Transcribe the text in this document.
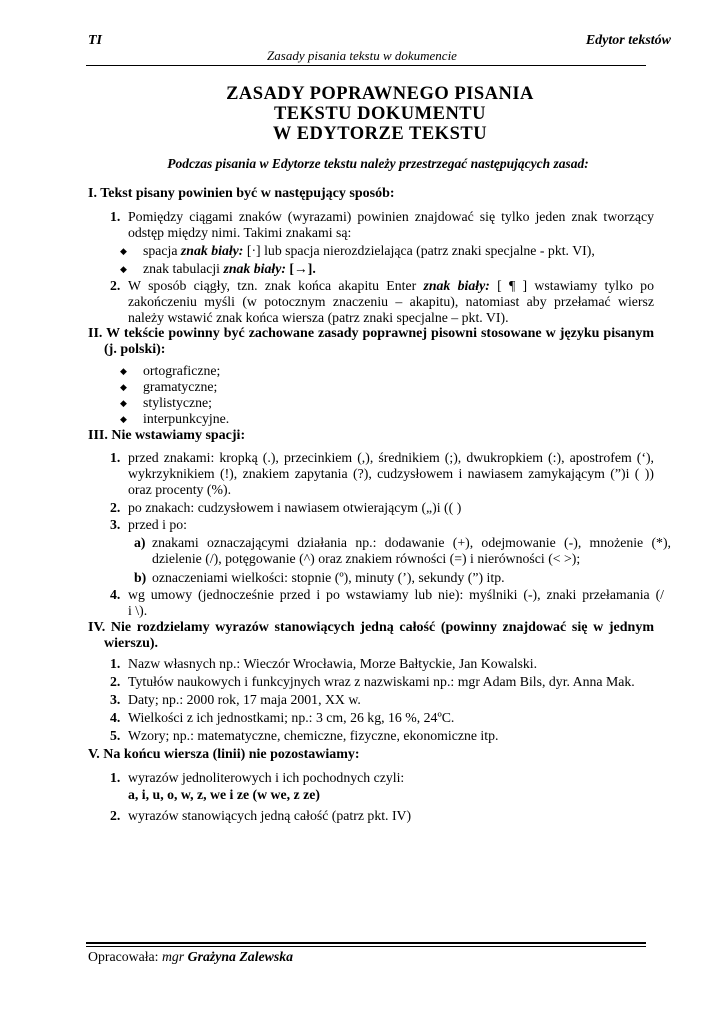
TI	Edytor tekstów
Zasady pisania tekstu w dokumencie
ZASADY POPRAWNEGO PISANIA
TEKSTU DOKUMENTU
W EDYTORZE TEKSTU
Podczas pisania w Edytorze tekstu należy przestrzegać następujących zasad:
I. Tekst pisany powinien być w następujący sposób:
1. Pomiędzy ciągami znaków (wyrazami) powinien znajdować się tylko jeden znak tworzący
odstęp między nimi. Takimi znakami są:
◆ spacja znak biały: [·] lub spacja nierozdzielająca (patrz znaki specjalne - pkt. VI),
◆ znak tabulacji znak biały: [→].
2. W sposób ciągły, tzn. znak końca akapitu Enter znak biały: [ ¶ ] wstawiamy tylko po
zakończeniu myśli (w potocznym znaczeniu – akapitu), natomiast aby przełamać wiersz
należy wstawić znak końca wiersza (patrz znaki specjalne – pkt. VI).
II. W tekście powinny być zachowane zasady poprawnej pisowni stosowane w języku pisanym
(j. polski):
◆ ortograficzne;
◆ gramatyczne;
◆ stylistyczne;
◆ interpunkcyjne.
III. Nie wstawiamy spacji:
1. przed znakami: kropką (.), przecinkiem (,), średnikiem (;), dwukropkiem (:), apostrofem (‘),
wykrzyknikiem (!), znakiem zapytania (?), cudzysłowem i nawiasem zamykającym (”)i ( ))
oraz procenty (%).
2. po znakach: cudzysłowem i nawiasem otwierającym („)i (( )
3. przed i po:
a) znakami oznaczającymi działania np.: dodawanie (+), odejmowanie (-), mnożenie (*),
dzielenie (/), potęgowanie (^) oraz znakiem równości (=) i nierówności (< >);
b) oznaczeniami wielkości: stopnie (º), minuty (’), sekundy (”) itp.
4. wg umowy (jednocześnie przed i po wstawiamy lub nie): myślniki (-), znaki przełamania (/
i \).
IV. Nie rozdzielamy wyrazów stanowiących jedną całość (powinny znajdować się w jednym
wierszu).
1. Nazw własnych np.: Wieczór Wrocławia, Morze Bałtyckie, Jan Kowalski.
2. Tytułów naukowych i funkcyjnych wraz z nazwiskami np.: mgr Adam Bils, dyr. Anna Mak.
3. Daty; np.: 2000 rok, 17 maja 2001, XX w.
4. Wielkości z ich jednostkami; np.: 3 cm, 26 kg, 16 %, 24ºC.
5. Wzory; np.: matematyczne, chemiczne, fizyczne, ekonomiczne itp.
V. Na końcu wiersza (linii) nie pozostawiamy:
1. wyrazów jednoliterowych i ich pochodnych czyli:
a, i, u, o, w, z, we i ze (w we, z ze)
2. wyrazów stanowiących jedną całość (patrz pkt. IV)
Opracowała: mgr Grażyna Zalewska
